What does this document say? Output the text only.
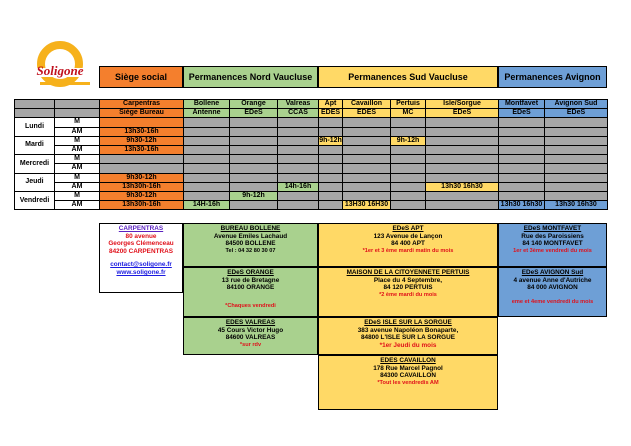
Soligone	Siège social Permanences Nord Vaucluse	Permanences Sud Vaucluse	Permanences Avignon
		Carpentras	Bollene	Orange	Valreas	Apt	Cavaillon	Pertuis	Isle/Sorgue	Montfavet	Avignon Sud
		Siège Bureau	Antenne	EDeS	CCAS	EDES	EDES	MC	EDeS	EDeS	EDeS
Lundi	M										
	AM	13h30-16h									
Mardi	M	9h30-12h				9h-12h		9h-12h			
	AM	13h30-16h									
Mercredi	M										
	AM										
Jeudi	M	9h30-12h									
	AM	13h30h-16h			14h-16h				13h30 16h30		
Vendredi	M	9h30-12h		9h-12h							
	AM	13h30h-16h	14H-16h				13H30 16H30			13h30 16h30	13h30 16h30
CARPENTRAS
80 avenue
Georges Clémenceau
84200 CARPENTRAS
contact@soligone.fr
www.soligone.fr
BUREAU BOLLENE
Avenue Emiles Lachaud
84500 BOLLENE
Tel : 04 32 80 30 07
EDeS APT
123 Avenue de Lançon
84 400 APT
*1er et 3 ème mardi matin du mois
EDeS MONTFAVET
Rue des Paroissiens
84 140 MONTFAVET
1er et 3ème vendredi du mois
EDeS ORANGE
13 rue de Bretagne
84100 ORANGE
*Chaques vendredi
MAISON DE LA CITOYENNETE PERTUIS
Place du 4 Septembre,
84 120 PERTUIS
*2 ème mardi du mois
EDeS AVIGNON Sud
4 avenue Anne d'Autriche
84 000 AVIGNON
eme et 4eme vendredi du mois
EDES VALREAS
45 Cours Victor Hugo
84600 VALREAS
*sur rdv
EDeS ISLE SUR LA SORGUE
383 avenue Napoléon Bonaparte,
84800 L'ISLE SUR LA SORGUE
*1er Jeudi du mois
EDES CAVAILLON
178 Rue Marcel Pagnol
84300 CAVAILLON
*Tout les vendredis AM
